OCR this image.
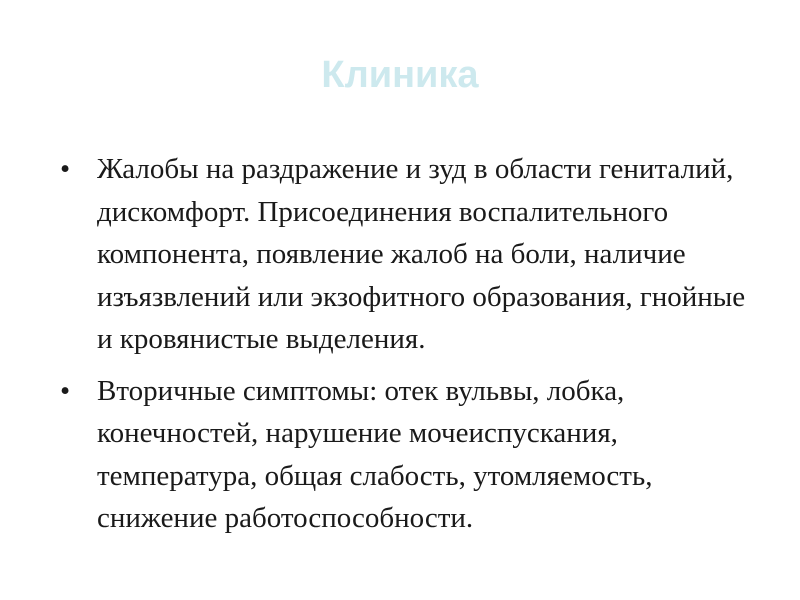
Клиника
• Жалобы на раздражение и зуд в области гениталий, дискомфорт. Присоединения воспалительного компонента, появление жалоб на боли, наличие изъязвлений или экзофитного образования, гнойные и кровянистые выделения.
• Вторичные симптомы: отек вульвы, лобка, конечностей, нарушение мочеиспускания, температура, общая слабость, утомляемость, снижение работоспособности.
